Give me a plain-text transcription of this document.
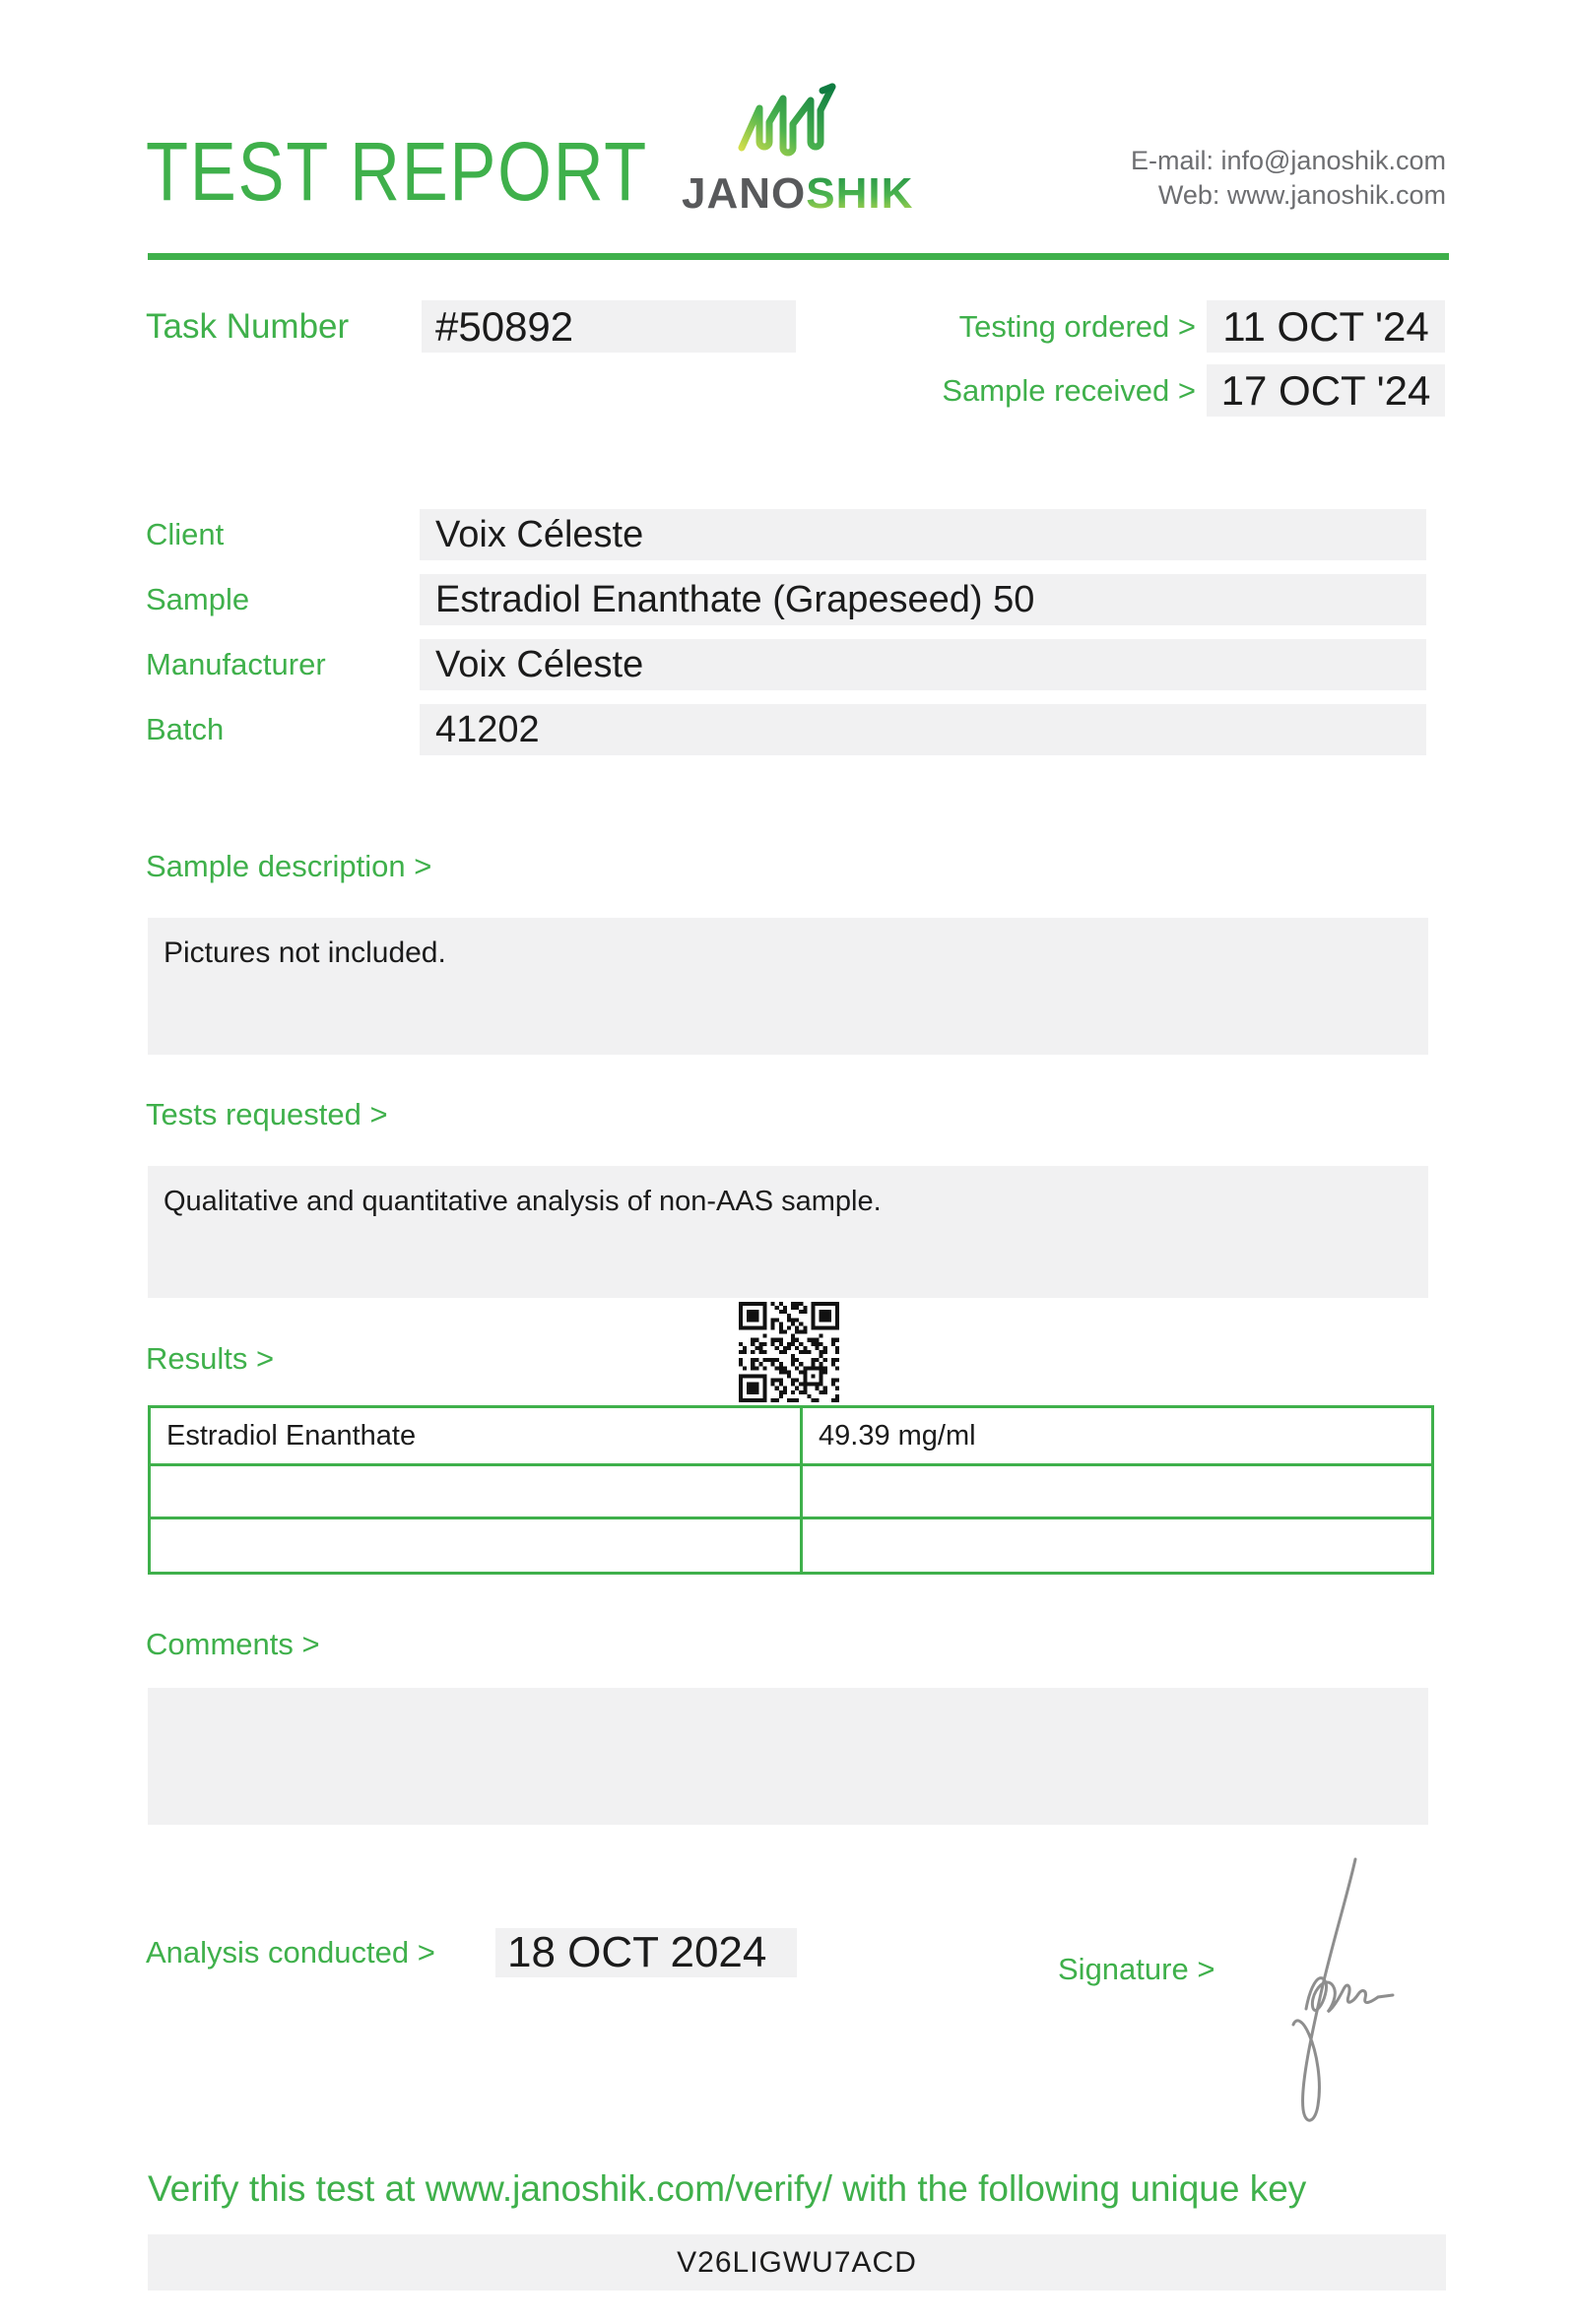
TEST REPORT JANOSHIK
E-mail: info@janoshik.com
Web: www.janoshik.com
Task Number	#50892	Testing ordered > 11 OCT '24
Sample received > 17 OCT '24
Client	Voix Céleste
Sample	Estradiol Enanthate (Grapeseed) 50
Manufacturer	Voix Céleste
Batch	41202
Sample description >
Pictures not included.
Tests requested >
Qualitative and quantitative analysis of non-AAS sample.
Results >
Estradiol Enanthate	49.39 mg/ml
Comments >
Analysis conducted > 18 OCT 2024	Signature >
Verify this test at www.janoshik.com/verify/ with the following unique key
V26LIGWU7ACD
